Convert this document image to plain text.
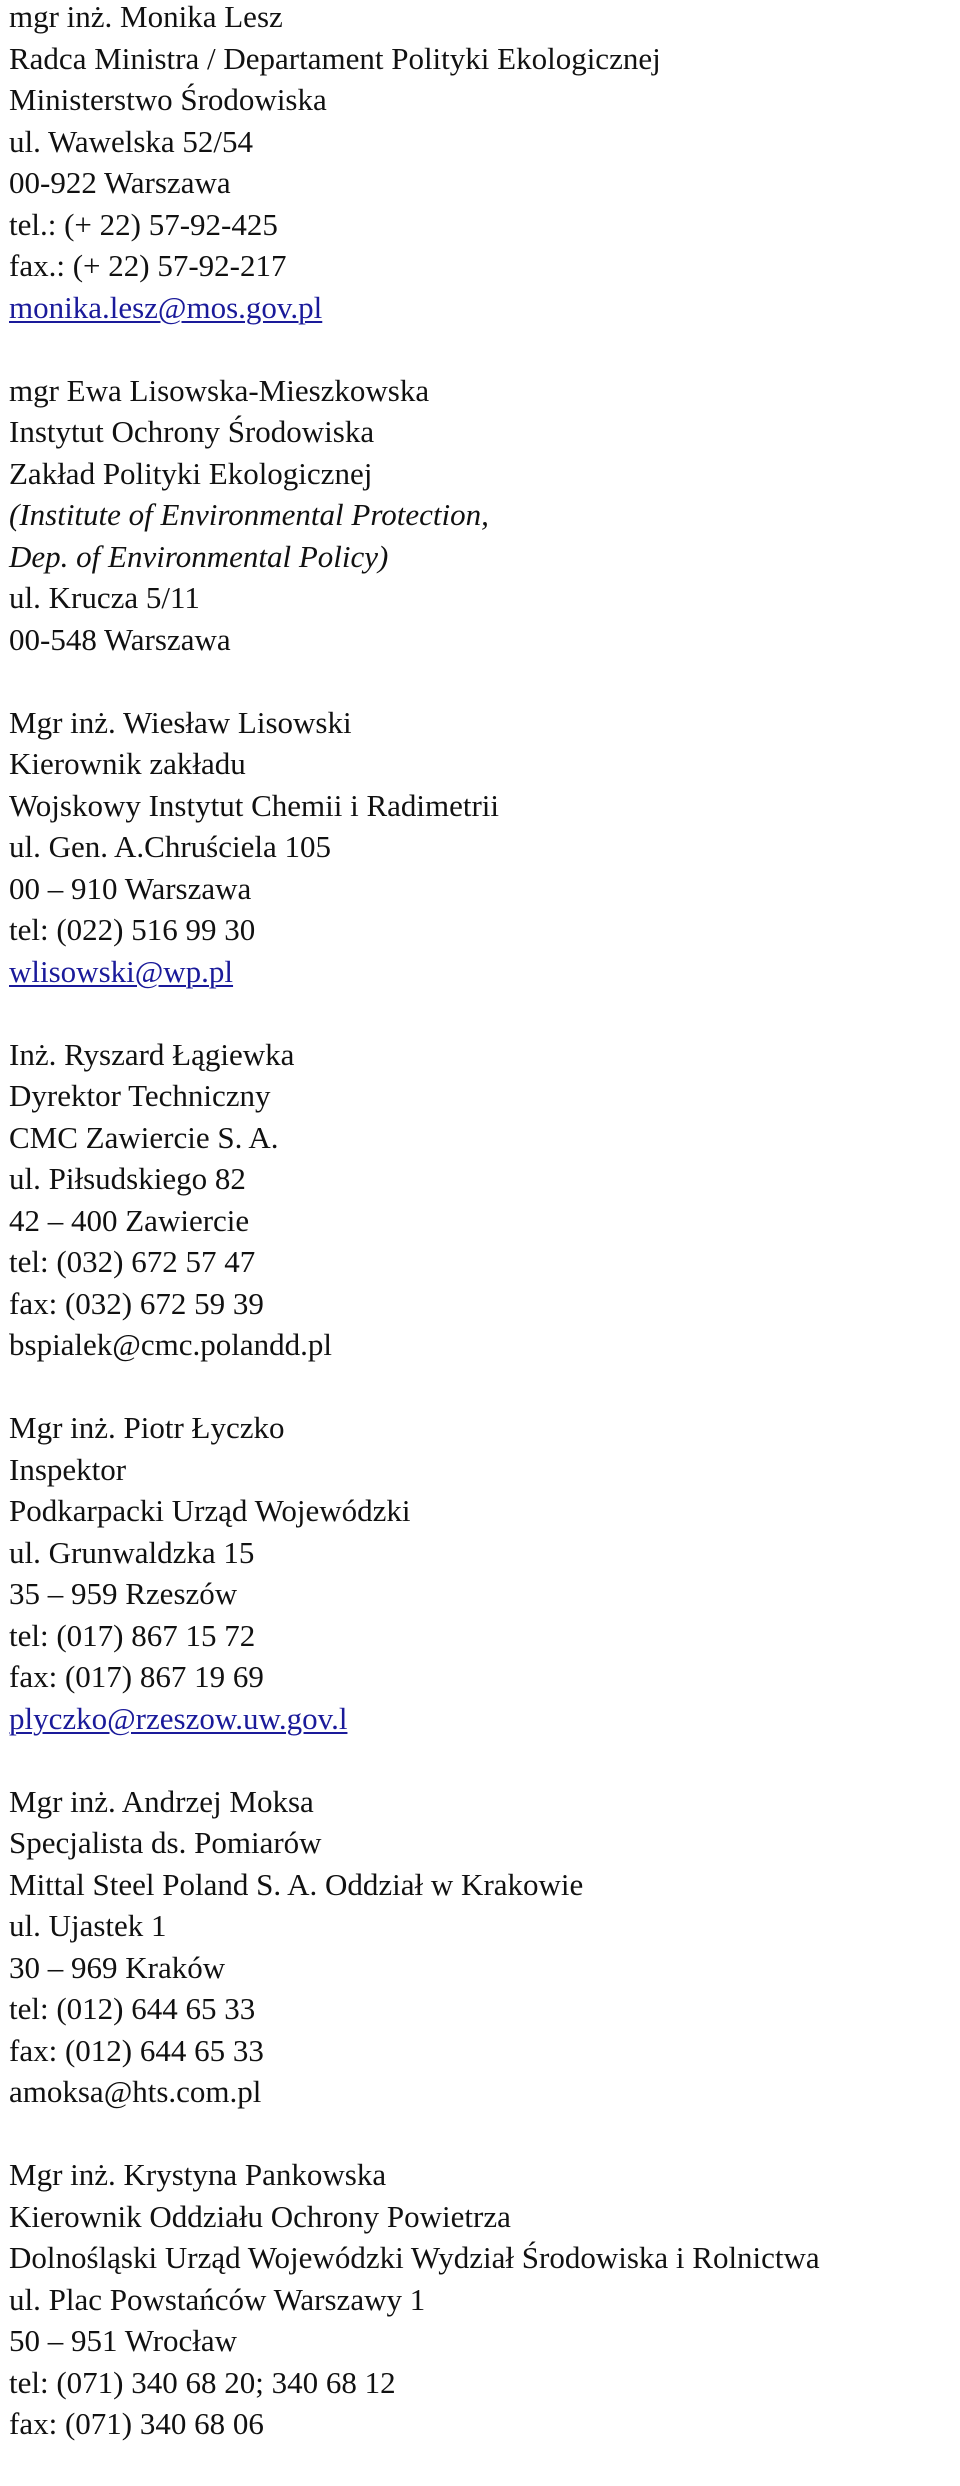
mgr inż. Monika Lesz
Radca Ministra / Departament Polityki Ekologicznej
Ministerstwo Środowiska
ul. Wawelska 52/54
00-922 Warszawa
tel.: (+ 22) 57-92-425
fax.: (+ 22) 57-92-217
monika.lesz@mos.gov.pl
mgr Ewa Lisowska-Mieszkowska
Instytut Ochrony Środowiska
Zakład Polityki Ekologicznej
(Institute of Environmental Protection,
Dep. of Environmental Policy)
ul. Krucza 5/11
00-548 Warszawa
Mgr inż. Wiesław Lisowski
Kierownik zakładu
Wojskowy Instytut Chemii i Radimetrii
ul. Gen. A.Chruściela 105
00 – 910 Warszawa
tel: (022) 516 99 30
wlisowski@wp.pl
Inż. Ryszard Łągiewka
Dyrektor Techniczny
CMC Zawiercie S. A.
ul. Piłsudskiego 82
42 – 400 Zawiercie
tel: (032) 672 57 47
fax: (032) 672 59 39
bspialek@cmc.polandd.pl
Mgr inż. Piotr Łyczko
Inspektor
Podkarpacki Urząd Wojewódzki
ul. Grunwaldzka 15
35 – 959 Rzeszów
tel: (017) 867 15 72
fax: (017) 867 19 69
plyczko@rzeszow.uw.gov.l
Mgr inż. Andrzej Moksa
Specjalista ds. Pomiarów
Mittal Steel Poland S. A. Oddział w Krakowie
ul. Ujastek 1
30 – 969 Kraków
tel: (012) 644 65 33
fax: (012) 644 65 33
amoksa@hts.com.pl
Mgr inż. Krystyna Pankowska
Kierownik Oddziału Ochrony Powietrza
Dolnośląski Urząd Wojewódzki Wydział Środowiska i Rolnictwa
ul. Plac Powstańców Warszawy 1
50 – 951 Wrocław
tel: (071) 340 68 20; 340 68 12
fax: (071) 340 68 06
